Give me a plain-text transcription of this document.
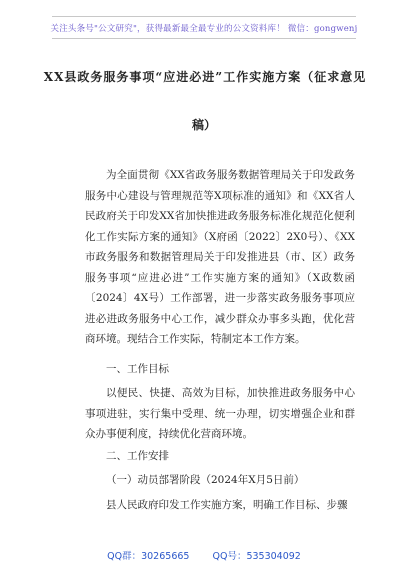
关注头条号"公文研究"，获得最新最全最专业的公文资料库！ 微信：gongwenj
XX县政务服务事项“应进必进”工作实施方案（征求意见
稿）
为全面贯彻《XX省政务服务数据管理局关于印发政务服务中心建设与管理规范等X项标准的通知》和《XX省人民政府关于印发XX省加快推进政务服务标准化规范化便利化工作实际方案的通知》（X府函〔2022〕2X0号）、《XX市政务服务和数据管理局关于印发推进县（市、区）政务服务事项“应进必进”工作实施方案的通知》（X政数函〔2024〕4X号）工作部署，进一步落实政务服务事项应进必进政务服务中心工作，减少群众办事多头跑，优化营商环境。现结合工作实际，特制定本工作方案。
一、工作目标
以便民、快捷、高效为目标，加快推进政务服务中心事项进驻，实行集中受理、统一办理，切实增强企业和群众办事便利度，持续优化营商环境。
二、工作安排
（一）动员部署阶段（2024年X月5日前）
县人民政府印发工作实施方案，明确工作目标、步骤
QQ群：30265665 QQ号：535304092
